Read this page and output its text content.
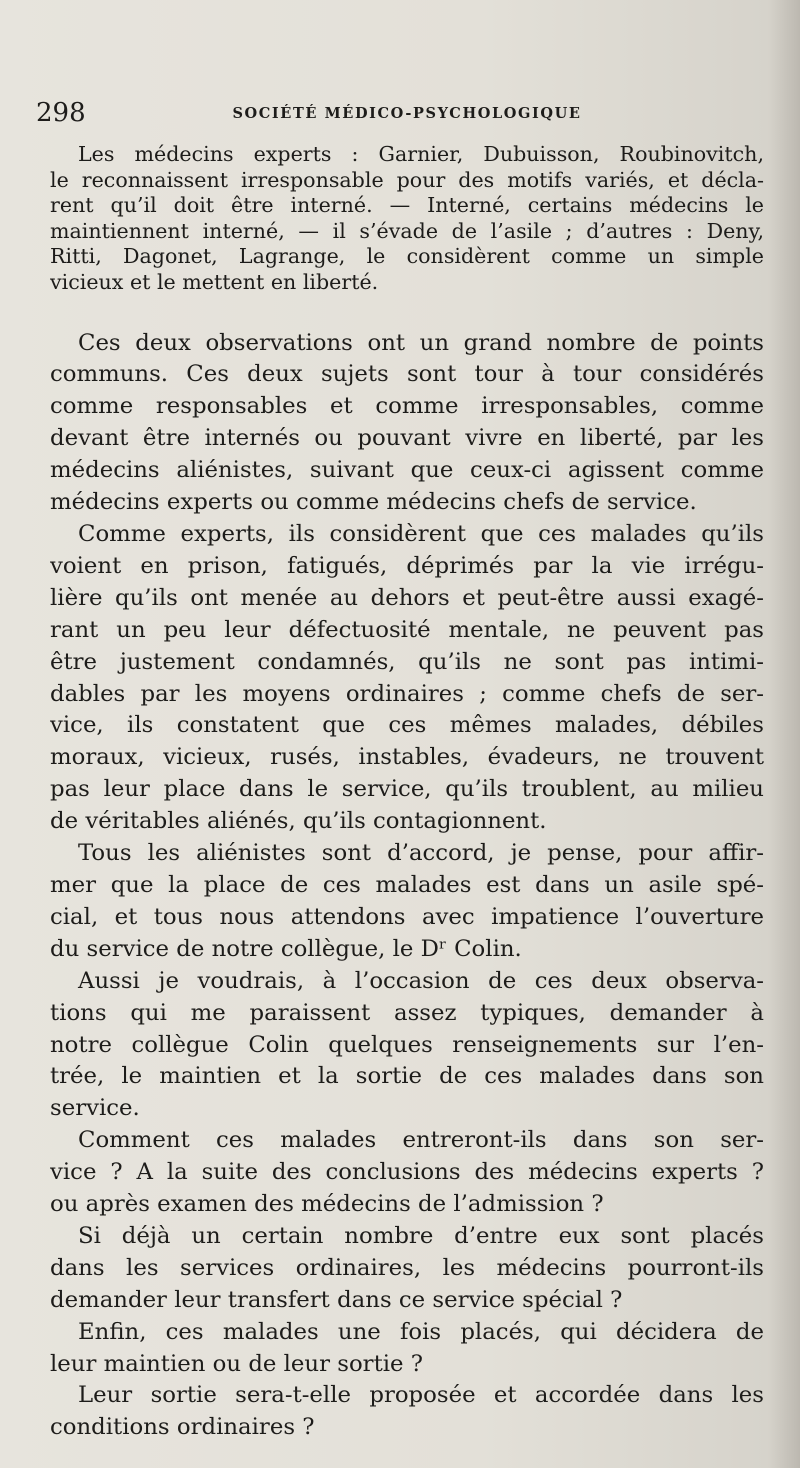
298	SOCIÉTÉ MÉDICO-PSYCHOLOGIQUE

Les médecins experts : Garnier, Dubuisson, Roubinovitch,
le reconnaissent irresponsable pour des motifs variés, et décla-
rent qu’il doit être interné. — Interné, certains médecins le
maintiennent interné, — il s’évade de l’asile ; d’autres : Deny,
Ritti, Dagonet, Lagrange, le considèrent comme un simple
vicieux et le mettent en liberté.

Ces deux observations ont un grand nombre de points
communs. Ces deux sujets sont tour à tour considérés
comme responsables et comme irresponsables, comme
devant être internés ou pouvant vivre en liberté, par les
médecins aliénistes, suivant que ceux-ci agissent comme
médecins experts ou comme médecins chefs de service.

Comme experts, ils considèrent que ces malades qu’ils
voient en prison, fatigués, déprimés par la vie irrégu-
lière qu’ils ont menée au dehors et peut-être aussi exagé-
rant un peu leur défectuosité mentale, ne peuvent pas
être justement condamnés, qu’ils ne sont pas intimi-
dables par les moyens ordinaires ; comme chefs de ser-
vice, ils constatent que ces mêmes malades, débiles
moraux, vicieux, rusés, instables, évadeurs, ne trouvent
pas leur place dans le service, qu’ils troublent, au milieu
de véritables aliénés, qu’ils contagionnent.

Tous les aliénistes sont d’accord, je pense, pour affir-
mer que la place de ces malades est dans un asile spé-
cial, et tous nous attendons avec impatience l’ouverture
du service de notre collègue, le Dʳ Colin.

Aussi je voudrais, à l’occasion de ces deux observa-
tions qui me paraissent assez typiques, demander à
notre collègue Colin quelques renseignements sur l’en-
trée, le maintien et la sortie de ces malades dans son
service.

Comment ces malades entreront-ils dans son ser-
vice ? A la suite des conclusions des médecins experts ?
ou après examen des médecins de l’admission ?

Si déjà un certain nombre d’entre eux sont placés
dans les services ordinaires, les médecins pourront-ils
demander leur transfert dans ce service spécial ?

Enfin, ces malades une fois placés, qui décidera de
leur maintien ou de leur sortie ?

Leur sortie sera-t-elle proposée et accordée dans les
conditions ordinaires ?
